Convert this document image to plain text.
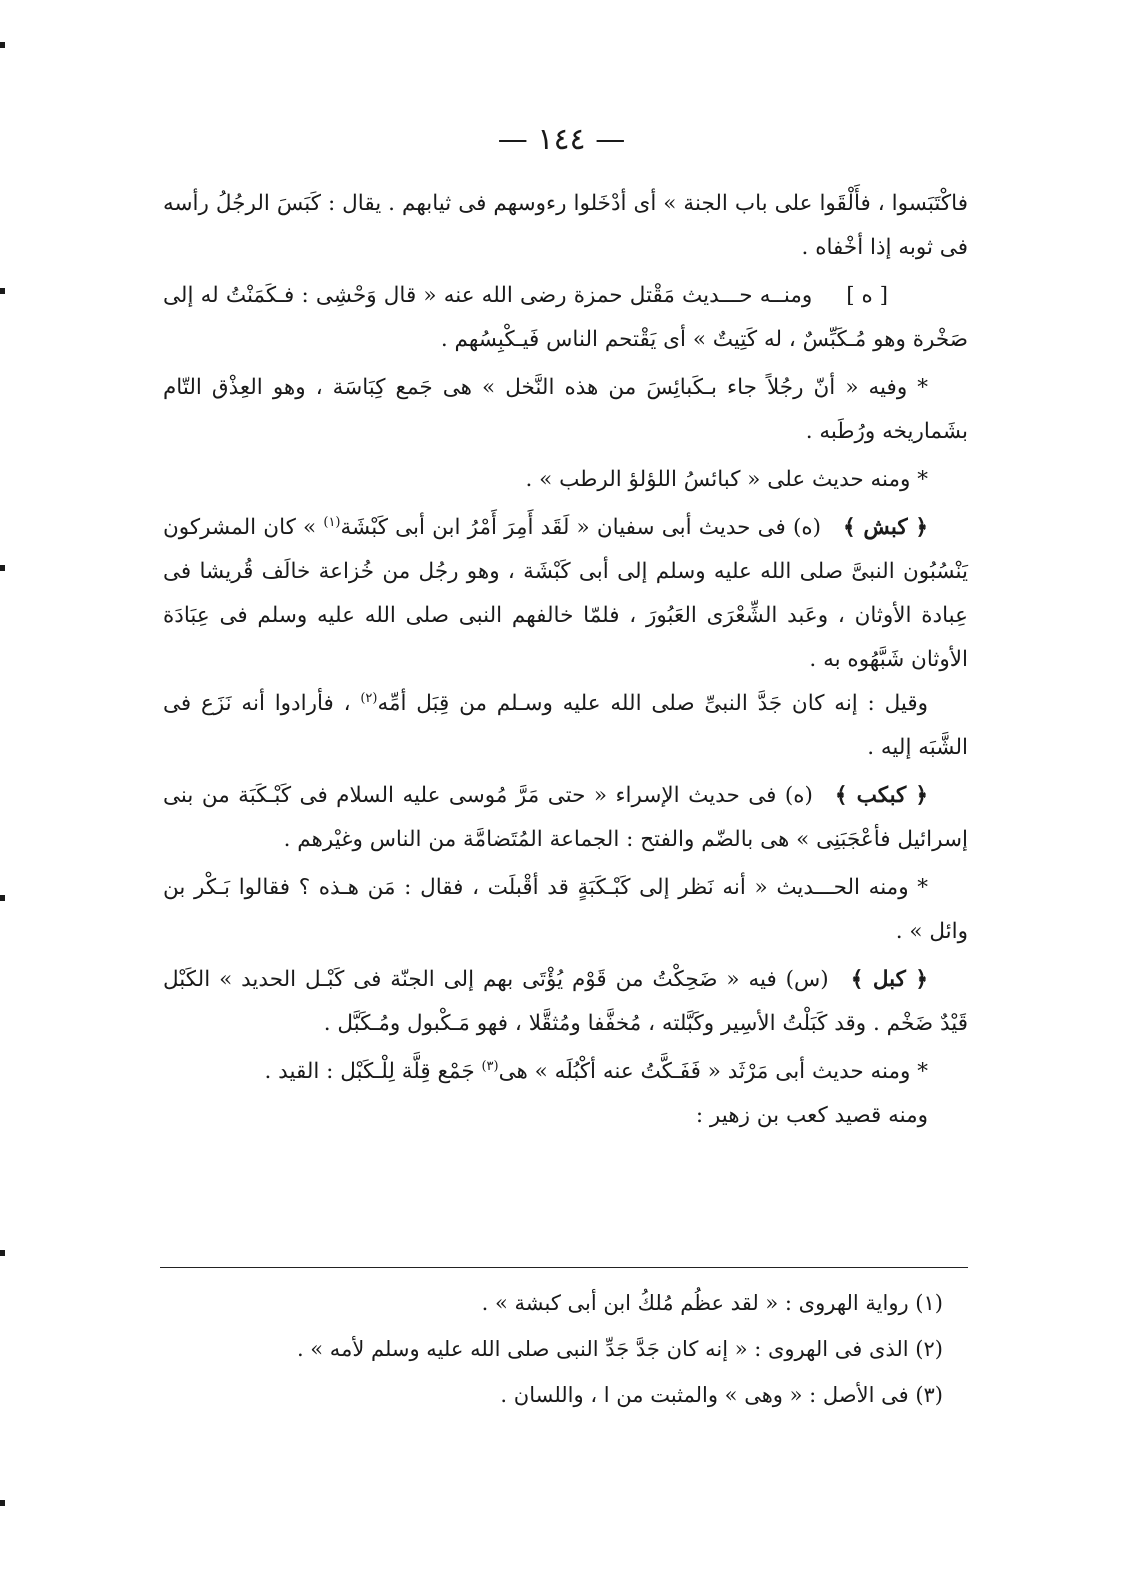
— ١٤٤ —

فاكْتَبَسوا ، فأَلْقَوا على باب الجنة » أى أدْخَلوا رءوسهم فى ثيابهم . يقال : كَبَسَ الرجُلُ رأسه فى ثوبه إذا أخْفاه .

[ ه ]ومنــه حـــديث مَقْتل حمزة رضى الله عنه « قال وَحْشِى : فـكَمَنْتُ له إلى صَخْرة وهو مُـكَبِّسٌ ، له كَتِيتٌ » أى يَقْتحم الناس فَيـكْبِسُهم .

* وفيه « أنّ رجُلاً جاء بـكَبائِسَ من هذه النَّخل » هى جَمع كِبَاسَة ، وهو العِذْق التّام بشَماريخه ورُطَبه .

* ومنه حديث على « كبائسُ اللؤلؤ الرطب » .

﴿ كبش ﴾(ه) فى حديث أبى سفيان « لَقَد أَمِرَ أَمْرُ ابن أبى كَبْشَة$^{(١)}$ » كان المشركون يَنْسُبُون النبىَّ صلى الله عليه وسلم إلى أبى كَبْشَة ، وهو رجُل من خُزاعة خالَف قُريشا فى عِبادة الأوثان ، وعَبد الشِّعْرَى العَبُورَ ، فلمّا خالفهم النبى صلى الله عليه وسلم فى عِبَادَة الأوثان شَبَّهُوه به .

وقيل : إنه كان جَدَّ النبىِّ صلى الله عليه وسـلم من قِبَل أمِّه$^{(٢)}$ ، فأرادوا أنه نَزَع فى الشَّبَه إليه .

﴿ كبكب ﴾(ه) فى حديث الإسراء « حتى مَرَّ مُوسى عليه السلام فى كَبْـكَبَة من بنى إسرائيل فأعْجَبَنِى » هى بالضّم والفتح : الجماعة المُتَضامَّة من الناس وغيْرهم .

* ومنه الحـــديث « أنه نَظر إلى كَبْـكَبَةٍ قد أقْبلَت ، فقال : مَن هـذه ؟ فقالوا بَـكْر بن وائل » .

﴿ كبل ﴾(س) فيه « ضَحِكْتُ من قَوْم يُؤْتَى بهم إلى الجنّة فى كَبْـل الحديد » الكَبْل قَيْدٌ ضَخْم . وقد كَبَلْتُ الأسِير وكَبَّلته ، مُخفَّفا ومُثقَّلا ، فهو مَـكْبول ومُـكَبَّل .

* ومنه حديث أبى مَرْثَد « فَفَـكَّتُ عنه أكْبُلَه » هى$^{(٣)}$ جَمْع قِلَّة لِلْـكَبْل : القيد .

ومنه قصيد كعب بن زهير :

(١) رواية الهروى : « لقد عظُم مُلكُ ابن أبى كبشة » .

(٢) الذى فى الهروى : « إنه كان جَدَّ جَدِّ النبى صلى الله عليه وسلم لأمه » .

(٣) فى الأصل : « وهى » والمثبت من ا ، واللسان .
